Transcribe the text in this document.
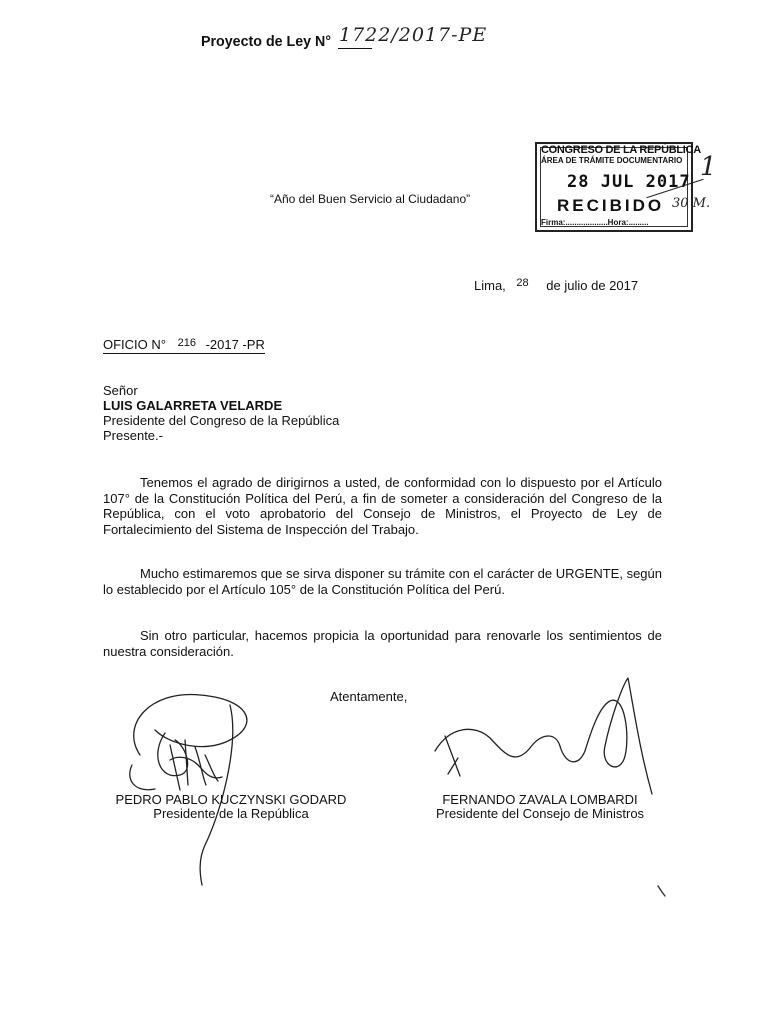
Proyecto de Ley N° 1722/2017-PE
CONGRESO DE LA REPÚBLICA
ÁREA DE TRÁMITE DOCUMENTARIO
28 JUL 2017
RECIBIDO
Firma:...................Hora:.........
1
30 M.
“Año del Buen Servicio al Ciudadano”
Lima, $^{28}$ de julio de 2017
OFICIO N° $^{216}$ -2017 -PR
Señor
LUIS GALARRETA VELARDE
Presidente del Congreso de la República
Presente.-
Tenemos el agrado de dirigirnos a usted, de conformidad con lo dispuesto por el Artículo 107° de la Constitución Política del Perú, a fin de someter a consideración del Congreso de la República, con el voto aprobatorio del Consejo de Ministros, el Proyecto de Ley de Fortalecimiento del Sistema de Inspección del Trabajo.
Mucho estimaremos que se sirva disponer su trámite con el carácter de URGENTE, según lo establecido por el Artículo 105° de la Constitución Política del Perú.
Sin otro particular, hacemos propicia la oportunidad para renovarle los sentimientos de nuestra consideración.
Atentamente,
PEDRO PABLO KUCZYNSKI GODARD
Presidente de la República
FERNANDO ZAVALA LOMBARDI
Presidente del Consejo de Ministros
